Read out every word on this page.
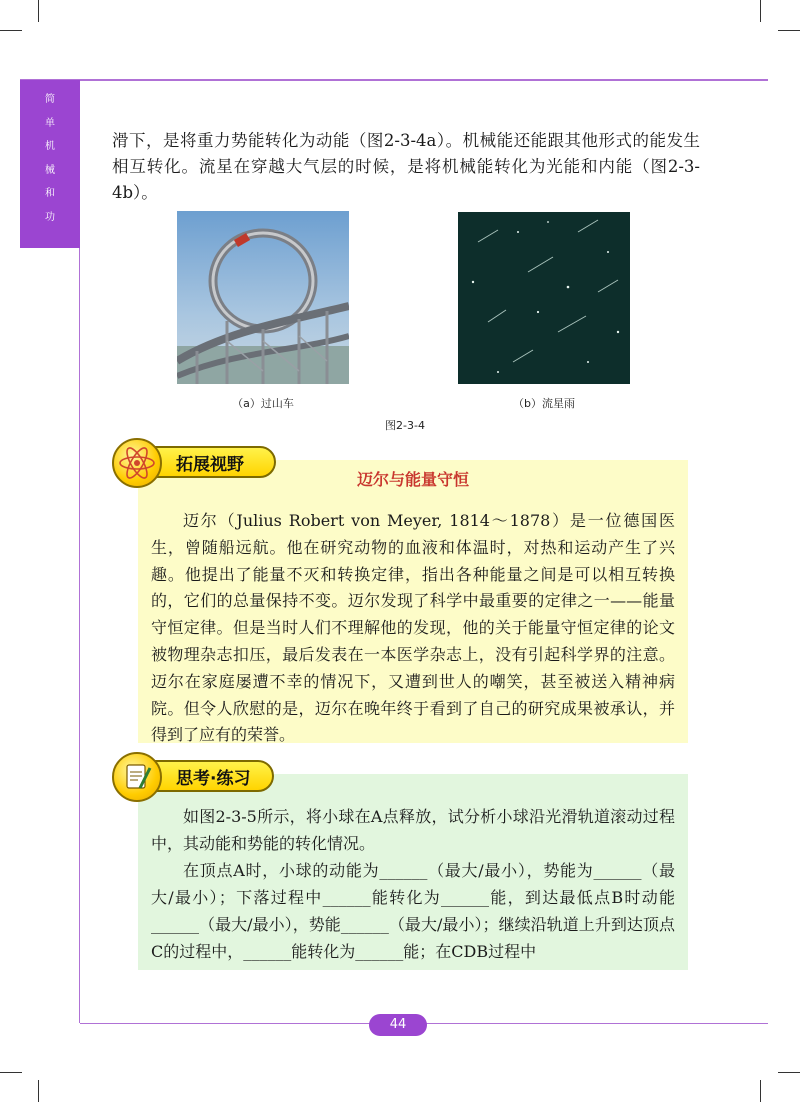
简
单
机
械
和
功

滑下，是将重力势能转化为动能（图2-3-4a）。机械能还能跟其他形式的能发生相互转化。流星在穿越大气层的时候，是将机械能转化为光能和内能（图2-3-4b）。

（a）过山车	（b）流星雨
图2-3-4
拓展视野
迈尔与能量守恒

迈尔（Julius Robert von Meyer, 1814～1878）是一位德国医生，曾随船远航。他在研究动物的血液和体温时，对热和运动产生了兴趣。他提出了能量不灭和转换定律，指出各种能量之间是可以相互转换的，它们的总量保持不变。迈尔发现了科学中最重要的定律之一——能量守恒定律。但是当时人们不理解他的发现，他的关于能量守恒定律的论文被物理杂志扣压，最后发表在一本医学杂志上，没有引起科学界的注意。迈尔在家庭屡遭不幸的情况下，又遭到世人的嘲笑，甚至被送入精神病院。但令人欣慰的是，迈尔在晚年终于看到了自己的研究成果被承认，并得到了应有的荣誉。

思考·练习

如图2-3-5所示，将小球在A点释放，试分析小球沿光滑轨道滚动过程中，其动能和势能的转化情况。
在顶点A时，小球的动能为______（最大/最小），势能为______（最大/最小）；下落过程中______能转化为______能，到达最低点B时动能______（最大/最小），势能______（最大/最小）；继续沿轨道上升到达顶点C的过程中，______能转化为______能；在CDB过程中

44
